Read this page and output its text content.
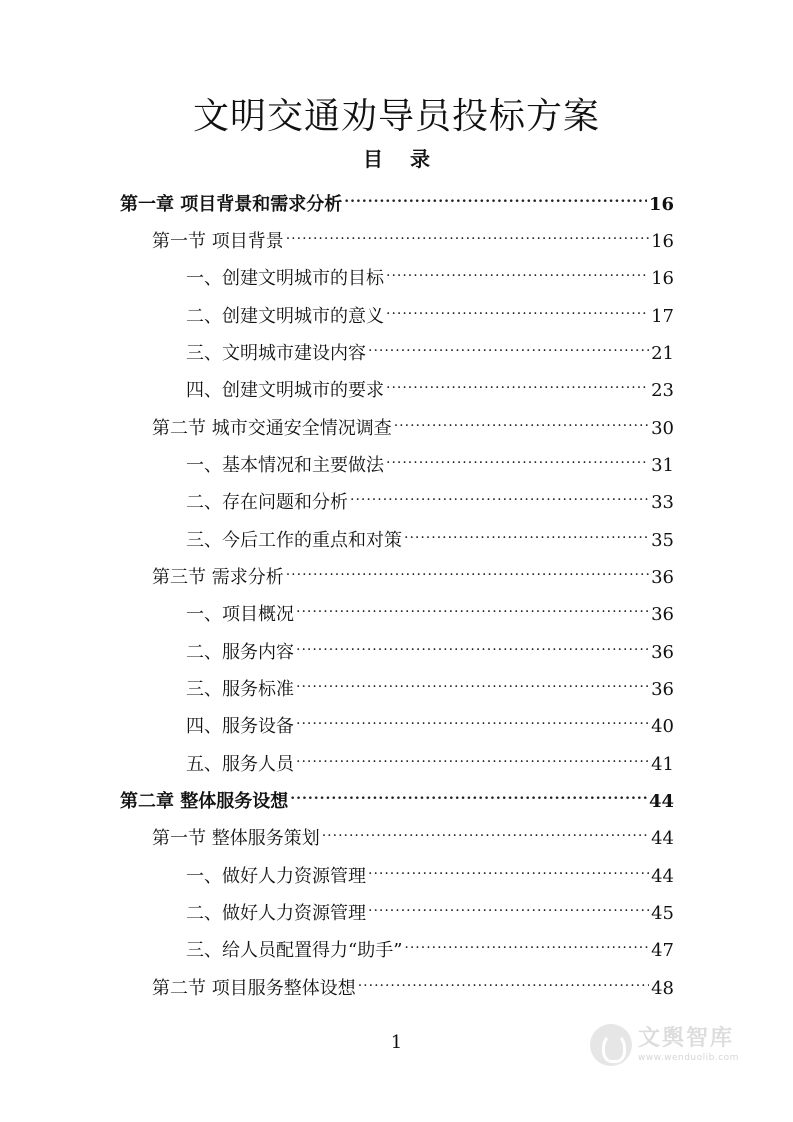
文明交通劝导员投标方案
目 录
第一章 项目背景和需求分析 .....	16
第一节 项目背景 .....	16
一、创建文明城市的目标 .....	16
二、创建文明城市的意义 .....	17
三、文明城市建设内容 .....	21
四、创建文明城市的要求 .....	23
第二节 城市交通安全情况调查 .....	30
一、基本情况和主要做法 .....	31
二、存在问题和分析 .....	33
三、今后工作的重点和对策 .....	35
第三节 需求分析 .....	36
一、项目概况 .....	36
二、服务内容 .....	36
三、服务标准 .....	36
四、服务设备 .....	40
五、服务人员 .....	41
第二章 整体服务设想 .....	44
第一节 整体服务策划 .....	44
一、做好人力资源管理 .....	44
二、做好人力资源管理 .....	45
三、给人员配置得力“助手” .....	47
第二节 项目服务整体设想 .....	48
1	文舆智库
www.wenduolib.com
